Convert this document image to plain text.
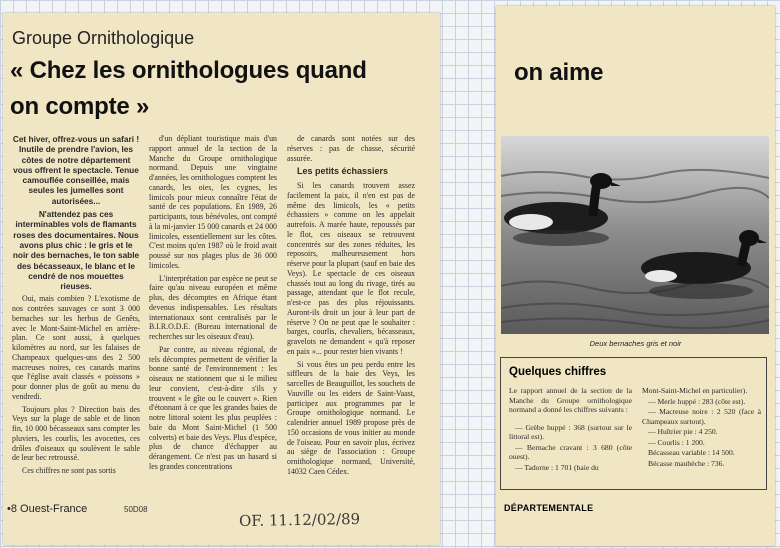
Groupe Ornithologique
« Chez les ornithologues quand
on compte »

Cet hiver, offrez-vous un safari ! Inutile de prendre l'avion, les côtes de notre département vous offrent le spectacle. Tenue camouflée conseillée, mais seules les jumelles sont autorisées...

N'attendez pas ces interminables vols de flamants roses des documentaires. Nous avons plus chic : le gris et le noir des bernaches, le ton sable des bécasseaux, le blanc et le cendré de nos mouettes rieuses.

Oui, mais combien ? L'exotisme de nos contrées sauvages ce sont 3 000 bernaches sur les herbus de Genêts, avec le Mont-Saint-Michel en arrière-plan. Ce sont aussi, à quelques kilomètres au nord, sur les falaises de Champeaux quelques-uns des 2 500 macreuses noires, ces canards marins que l'église avait classés « poissons » pour donner plus de goût au menu du vendredi.

Toujours plus ? Direction bais des Veys sur la plage de sable et de linon fin, 10 000 bécasseaux sans compter les pluviers, les courlis, les avocettes, ces drôles d'oiseaux qu soulèvent le sable de leur bec retroussé.

Ces chiffres ne sont pas sortis

d'un dépliant touristique mais d'un rapport annuel de la section de la Manche du Groupe ornithologique normand. Depuis une vingtaine d'années, les ornithologues comptent les canards, les oies, les cygnes, les limicols pour mieux connaître l'état de santé de ces populations. En 1989, 26 participants, tous bénévoles, ont compté à la mi-janvier 15 000 canards et 24 000 limicoles, essentiellement sur les côtes. C'est moins qu'en 1987 où le froid avait poussé sur nos plages plus de 36 000 limicoles.

L'interprétation par espèce ne peut se faire qu'au niveau européen et même plus, des décomptes en Afrique étant devenus indispensables. Les résultats internationaux sont centralisés par le B.I.R.O.D.E. (Bureau international de recherches sur les oiseaux d'eau).

Par contre, au niveau régional, de tels décomptes permettent de vérifier la bonne santé de l'environnement : les oiseaux ne stationnent que si le milieu leur convient, c'est-à-dire s'ils y trouvent « le gîte ou le couvert ». Rien d'étonnant à ce que les grandes baies de notre littoral soient les plus peuplées : baie du Mont Saint-Michel (1 500 colverts) et baie des Veys. Plus d'espèce, plus de chance d'échapper au dérangement. Ce n'est pas un hasard si les grandes concentrations

de canards sont notées sur des réserves : pas de chasse, sécurité assurée.

Les petits échassiers

Si les canards trouvent assez facilement la paix, il n'en est pas de même des limicols, les « petits échassiers » comme on les appelait autrefois. A marée haute, repoussés par le flot, ces oiseaux se retrouvent concentrés sur des zones réduites, les reposoirs, malheureusement hors réserve pour la plupart (sauf en baie des Veys). Le spectacle de ces oiseaux chassés tout au long du rivage, tirés au passage, attendant que le flot recule, n'est-ce pas des plus réjouissants. Auront-ils droit un jour à leur part de réserve ? On ne peut que le souhaiter : barges, courlis, chevaliers, bécasseaux, gravelots ne demandent « qu'à reposer en paix »... pour rester bien vivants !

Si vous êtes un peu perdu entre les siffleurs de la baie des Veys, les sarcelles de Beauguillot, les souchets de Vauville ou les eiders de Saint-Vaast, participez aux programmes par le Groupe ornithologique normand. Le calendrier annuel 1989 propose près de 150 occasions de vous initier au monde de l'oiseau. Pour en savoir plus, écrivez au siège de l'association : Groupe ornithologique normand, Université, 14032 Caen Cédex.

•8 Ouest-France	50D08
OF. 11.12/02/89
on aime
Deux bernaches gris et noir
Quelques chiffres
Le rapport annuel de la section de la Manche du Groupe ornithologique normand a donné les chiffres suivants :
— Grèbe huppé : 368 (surtout sur le littoral est).
— Bernache cravant : 3 680 (côte ouest).
— Tadorne : 1 701 (baie du
Mont-Saint-Michel en particulier).
— Merle huppé : 283 (côte est).
— Macreuse noire : 2 520 (face à Champeaux surtout).
— Huîtrier pie : 4 250.
— Courlis : 1 200.
Bécasseau variable : 14 500.
Bécasse maubèche : 736.
DÉPARTEMENTALE
